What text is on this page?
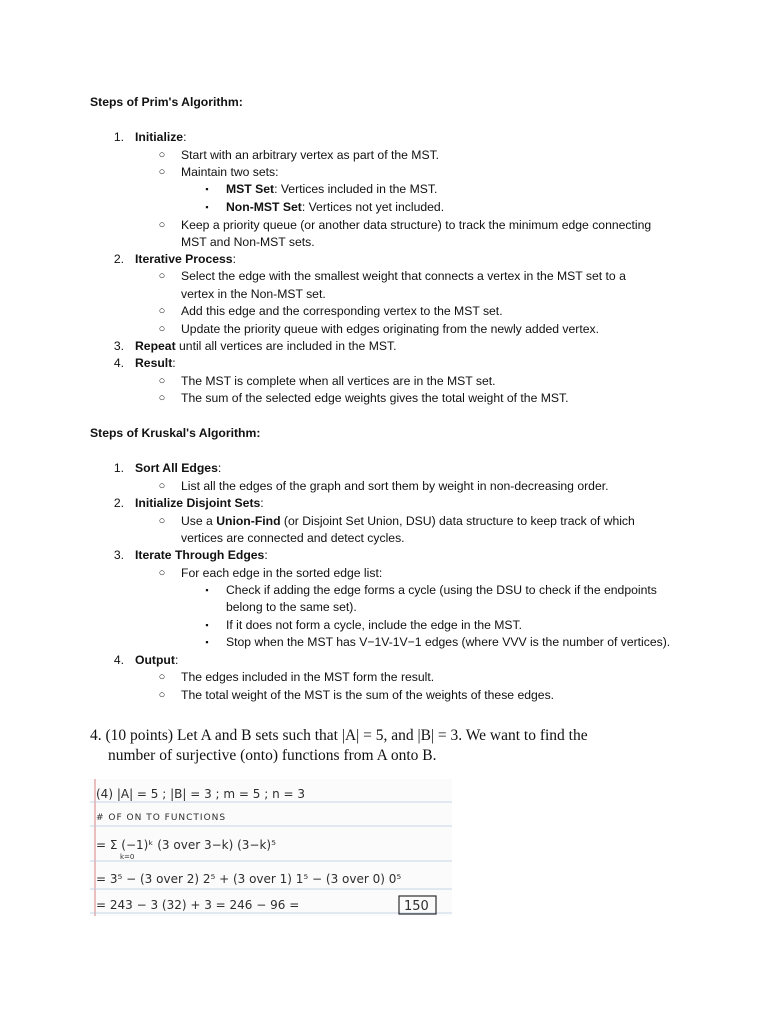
Steps of Prim's Algorithm:
1. Initialize:
○ Start with an arbitrary vertex as part of the MST.
○ Maintain two sets:
▪ MST Set: Vertices included in the MST.
▪ Non-MST Set: Vertices not yet included.
○ Keep a priority queue (or another data structure) to track the minimum edge connecting
MST and Non-MST sets.
2. Iterative Process:
○ Select the edge with the smallest weight that connects a vertex in the MST set to a
vertex in the Non-MST set.
○ Add this edge and the corresponding vertex to the MST set.
○ Update the priority queue with edges originating from the newly added vertex.
3. Repeat until all vertices are included in the MST.
4. Result:
○ The MST is complete when all vertices are in the MST set.
○ The sum of the selected edge weights gives the total weight of the MST.
Steps of Kruskal's Algorithm:
1. Sort All Edges:
○ List all the edges of the graph and sort them by weight in non-decreasing order.
2. Initialize Disjoint Sets:
○ Use a Union-Find (or Disjoint Set Union, DSU) data structure to keep track of which
vertices are connected and detect cycles.
3. Iterate Through Edges:
○ For each edge in the sorted edge list:
▪ Check if adding the edge forms a cycle (using the DSU to check if the endpoints
belong to the same set).
▪ If it does not form a cycle, include the edge in the MST.
▪ Stop when the MST has V−1V-1V−1 edges (where VVV is the number of vertices).
4. Output:
○ The edges included in the MST form the result.
○ The total weight of the MST is the sum of the weights of these edges.
4. (10 points) Let A and B sets such that |A| = 5, and |B| = 3. We want to find the
number of surjective (onto) functions from A onto B.
(4) |A| = 5 ; |B| = 3 ; m = 5 ; n = 3
# OF ON TO FUNCTIONS
= Σ (−1)ᵏ (3 over 3−k) (3−k)⁵
k=0
= 3⁵ − (3 over 2) 2⁵ + (3 over 1) 1⁵ − (3 over 0) 0⁵
= 243 − 3 (32) + 3 = 246 − 96 =	150
